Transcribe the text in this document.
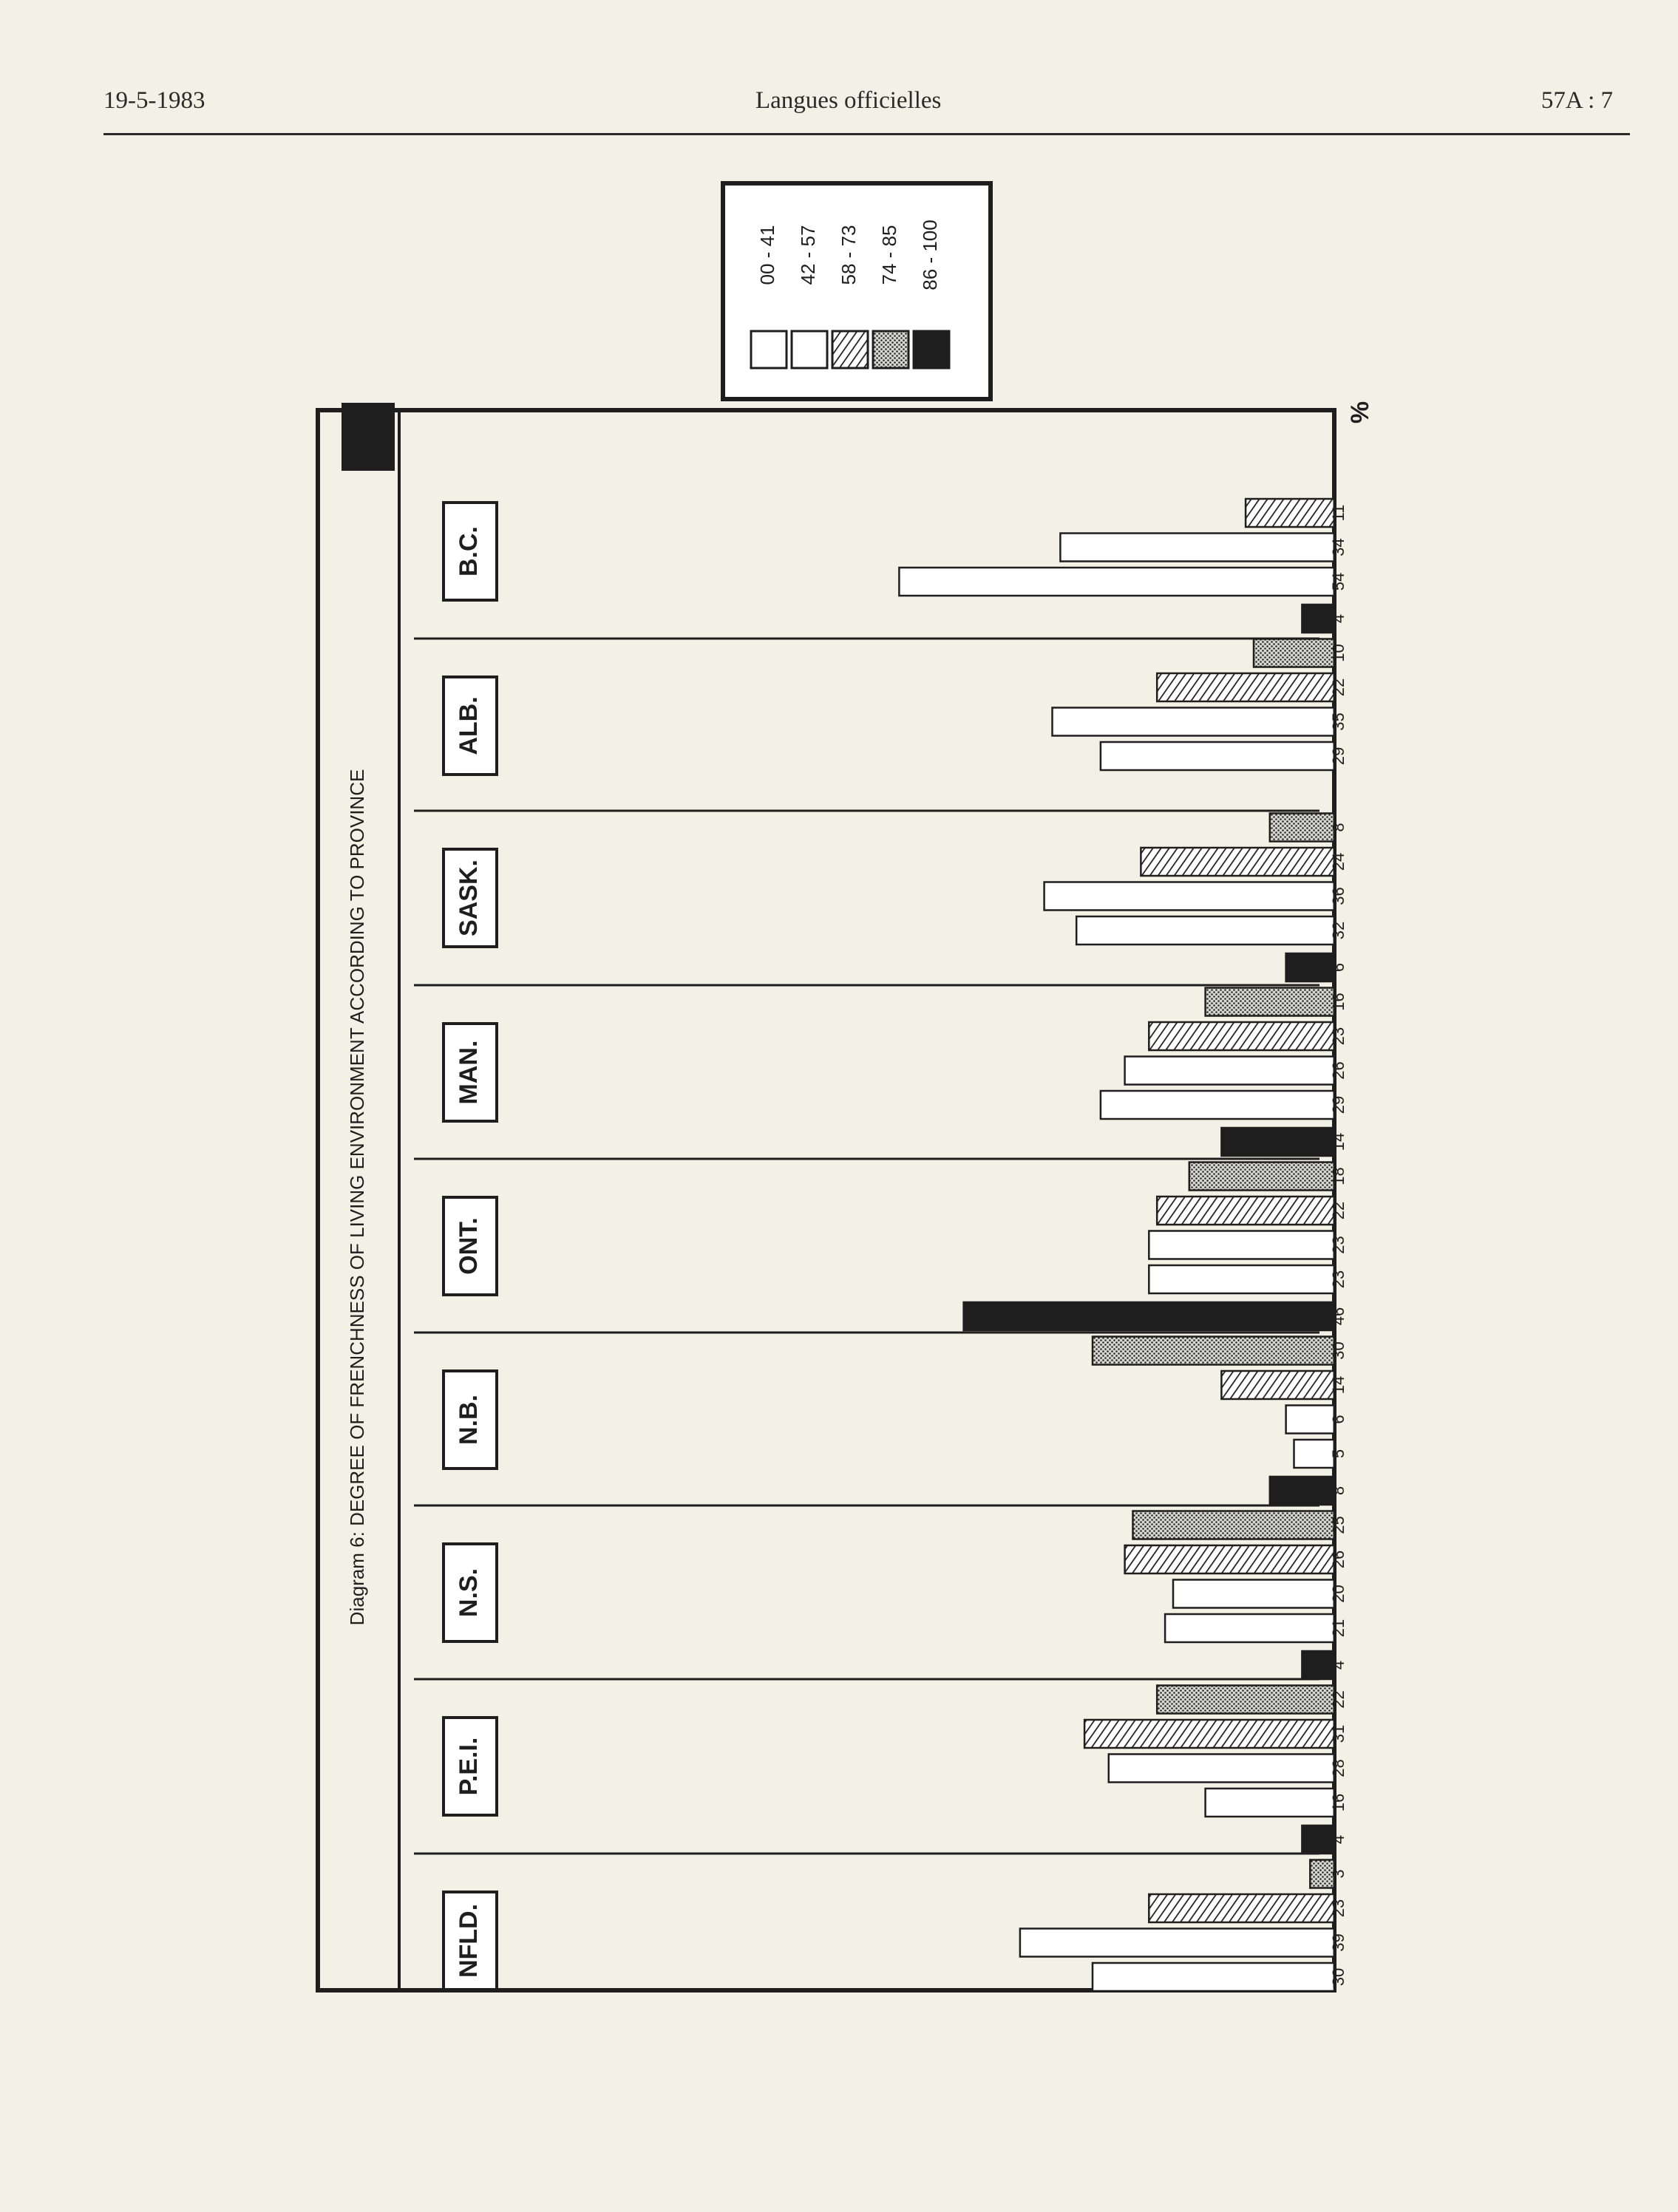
19-5-1983	Langues officielles	57A : 7
Diagram 6: DEGREE OF FRENCHNESS OF LIVING ENVIRONMENT ACCORDING TO PROVINCE
NFLD.
P.E.I.
N.S.
N.B.
ONT.
MAN.
SASK.
ALB.
B.C.
30
39
23
3
4
16
28
31
22
4
21
20
26
25
8
5
6
14
30
46
23
23
22
18
14
29
26
23
16
6
32
36
24
8
29
35
22
10
4
54
34
11
%
00 - 41 42 - 57 58 - 73 74 - 85 86 - 100
